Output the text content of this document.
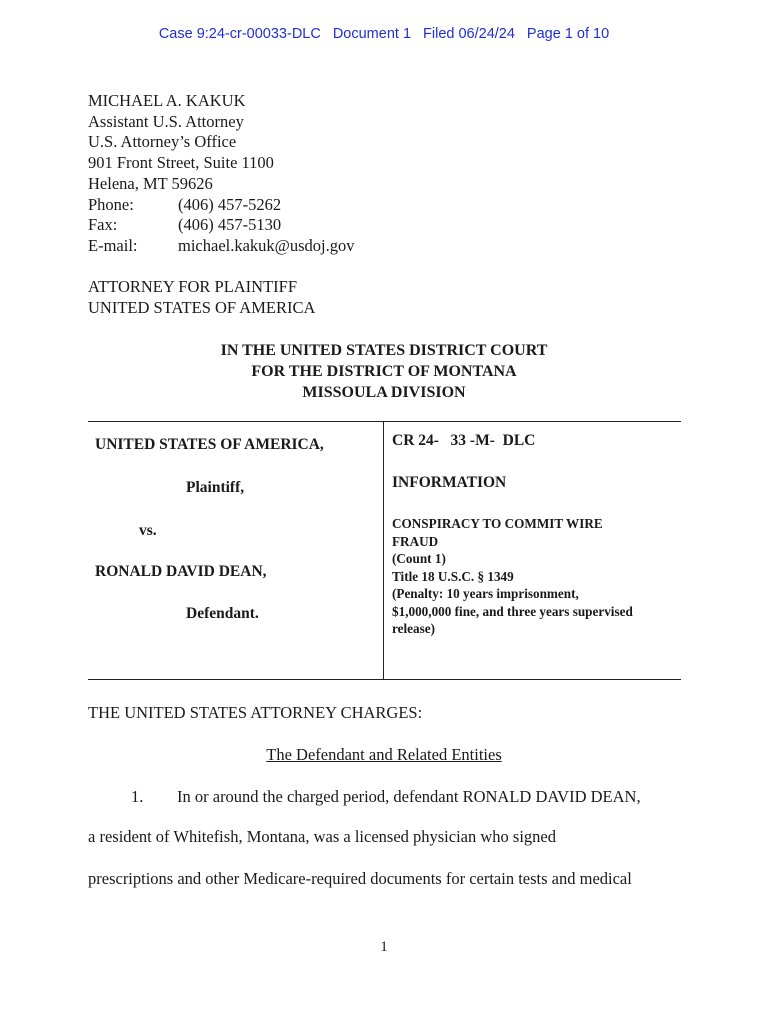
Case 9:24-cr-00033-DLC Document 1 Filed 06/24/24 Page 1 of 10
MICHAEL A. KAKUK
Assistant U.S. Attorney
U.S. Attorney’s Office
901 Front Street, Suite 1100
Helena, MT 59626
Phone:	(406) 457-5262
Fax:	(406) 457-5130
E-mail: michael.kakuk@usdoj.gov
ATTORNEY FOR PLAINTIFF
UNITED STATES OF AMERICA
IN THE UNITED STATES DISTRICT COURT
FOR THE DISTRICT OF MONTANA
MISSOULA DIVISION
UNITED STATES OF AMERICA,
Plaintiff,
vs.
RONALD DAVID DEAN,
Defendant.
CR 24-   33 -M-  DLC
INFORMATION
CONSPIRACY TO COMMIT WIRE
FRAUD
(Count 1)
Title 18 U.S.C. § 1349
(Penalty: 10 years imprisonment,
$1,000,000 fine, and three years supervised
release)
THE UNITED STATES ATTORNEY CHARGES:
The Defendant and Related Entities
1. In or around the charged period, defendant RONALD DAVID DEAN,
a resident of Whitefish, Montana, was a licensed physician who signed
prescriptions and other Medicare-required documents for certain tests and medical
1
